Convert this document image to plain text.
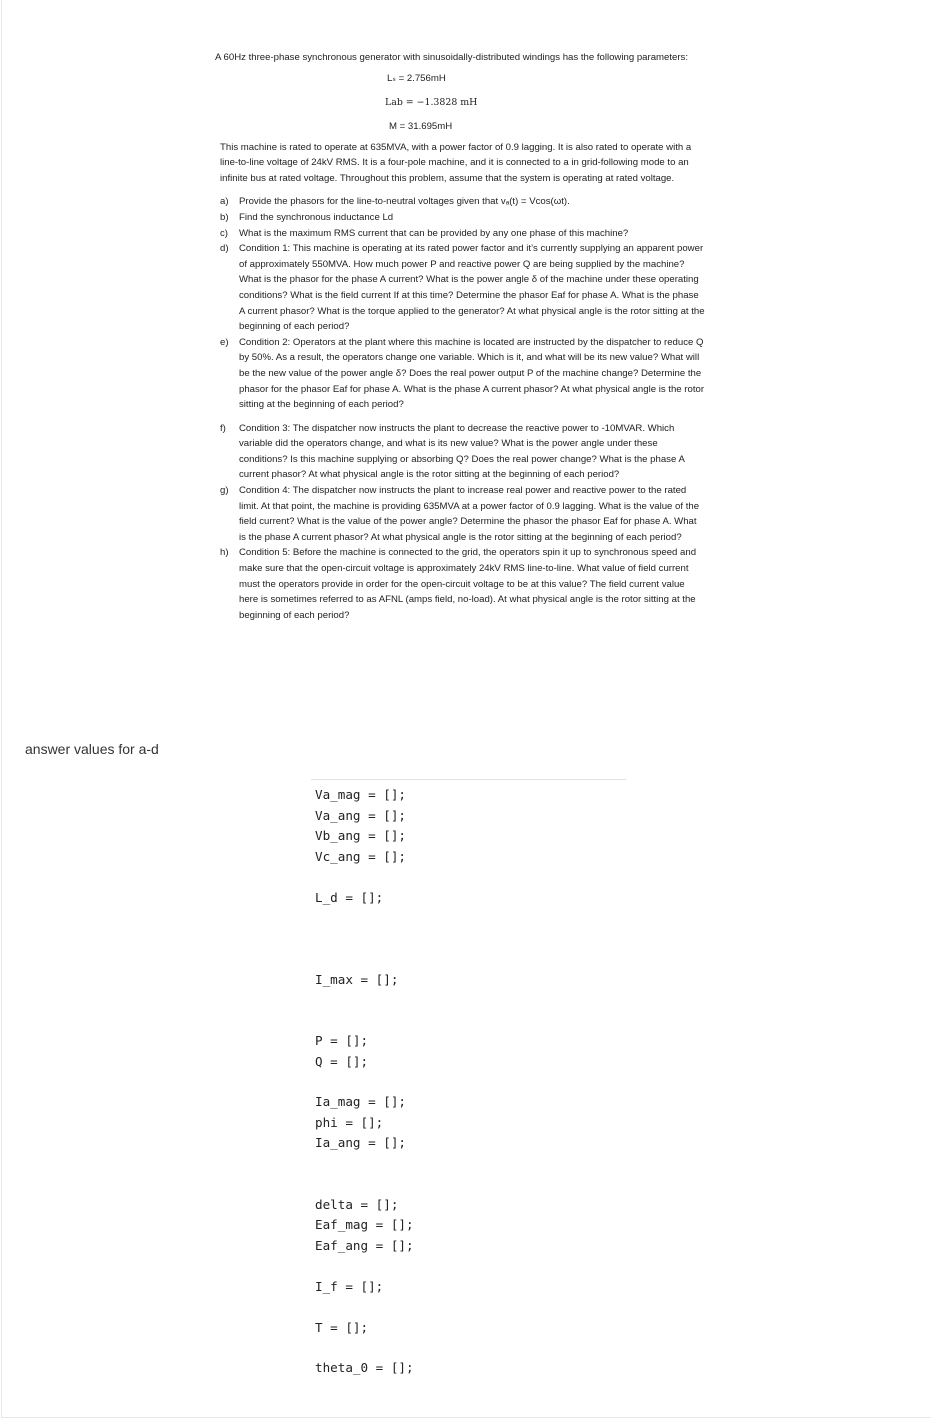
A 60Hz three-phase synchronous generator with sinusoidally-distributed windings has the following parameters:

Lₛ = 2.756mH
Lab = −1.3828 mH
M = 31.695mH

This machine is rated to operate at 635MVA, with a power factor of 0.9 lagging. It is also rated to operate with a line-to-line voltage of 24kV RMS. It is a four-pole machine, and it is connected to a in grid-following mode to an infinite bus at rated voltage. Throughout this problem, assume that the system is operating at rated voltage.

a)	Provide the phasors for the line-to-neutral voltages given that vₐ(t) = Vcos(ωt).
b)	Find the synchronous inductance Ld
c)	What is the maximum RMS current that can be provided by any one phase of this machine?
d)	Condition 1: This machine is operating at its rated power factor and it’s currently supplying an apparent power of approximately 550MVA. How much power P and reactive power Q are being supplied by the machine? What is the phasor for the phase A current? What is the power angle δ of the machine under these operating conditions? What is the field current If at this time? Determine the phasor Eaf for phase A. What is the phase A current phasor? What is the torque applied to the generator? At what physical angle is the rotor sitting at the beginning of each period?
e)	Condition 2: Operators at the plant where this machine is located are instructed by the dispatcher to reduce Q by 50%. As a result, the operators change one variable. Which is it, and what will be its new value? What will be the new value of the power angle δ? Does the real power output P of the machine change? Determine the phasor for the phasor Eaf for phase A. What is the phase A current phasor? At what physical angle is the rotor sitting at the beginning of each period?
f)	Condition 3: The dispatcher now instructs the plant to decrease the reactive power to -10MVAR. Which variable did the operators change, and what is its new value? What is the power angle under these conditions? Is this machine supplying or absorbing Q? Does the real power change? What is the phase A current phasor? At what physical angle is the rotor sitting at the beginning of each period?
g)	Condition 4: The dispatcher now instructs the plant to increase real power and reactive power to the rated limit. At that point, the machine is providing 635MVA at a power factor of 0.9 lagging. What is the value of the field current? What is the value of the power angle? Determine the phasor the phasor Eaf for phase A. What is the phase A current phasor? At what physical angle is the rotor sitting at the beginning of each period?
h)	Condition 5: Before the machine is connected to the grid, the operators spin it up to synchronous speed and make sure that the open-circuit voltage is approximately 24kV RMS line-to-line. What value of field current must the operators provide in order for the open-circuit voltage to be at this value? The field current value here is sometimes referred to as AFNL (amps field, no-load). At what physical angle is the rotor sitting at the beginning of each period?
answer values for a-d
Va_mag = [];
Va_ang = [];
Vb_ang = [];
Vc_ang = [];
L_d = [];
I_max = [];
P = [];
Q = [];
Ia_mag = [];
phi = [];
Ia_ang = [];
delta = [];
Eaf_mag = [];
Eaf_ang = [];
I_f = [];
T = [];
theta_0 = [];
